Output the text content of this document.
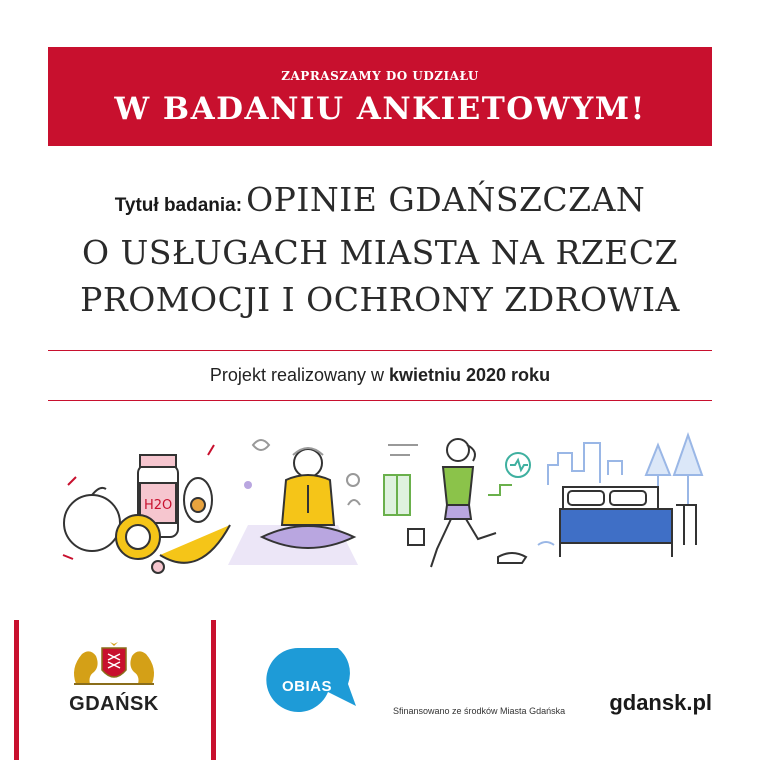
ZAPRASZAMY DO UDZIAŁU
W BADANIU ANKIETOWYM!
Tytuł badania: OPINIE GDAŃSZCZAN
O USŁUGACH MIASTA NA RZECZ
PROMOCJI I OCHRONY ZDROWIA
Projekt realizowany w kwietniu 2020 roku
H2O
GDAŃSK
OBIAS
Sfinansowano ze środków Miasta Gdańska gdansk.pl
